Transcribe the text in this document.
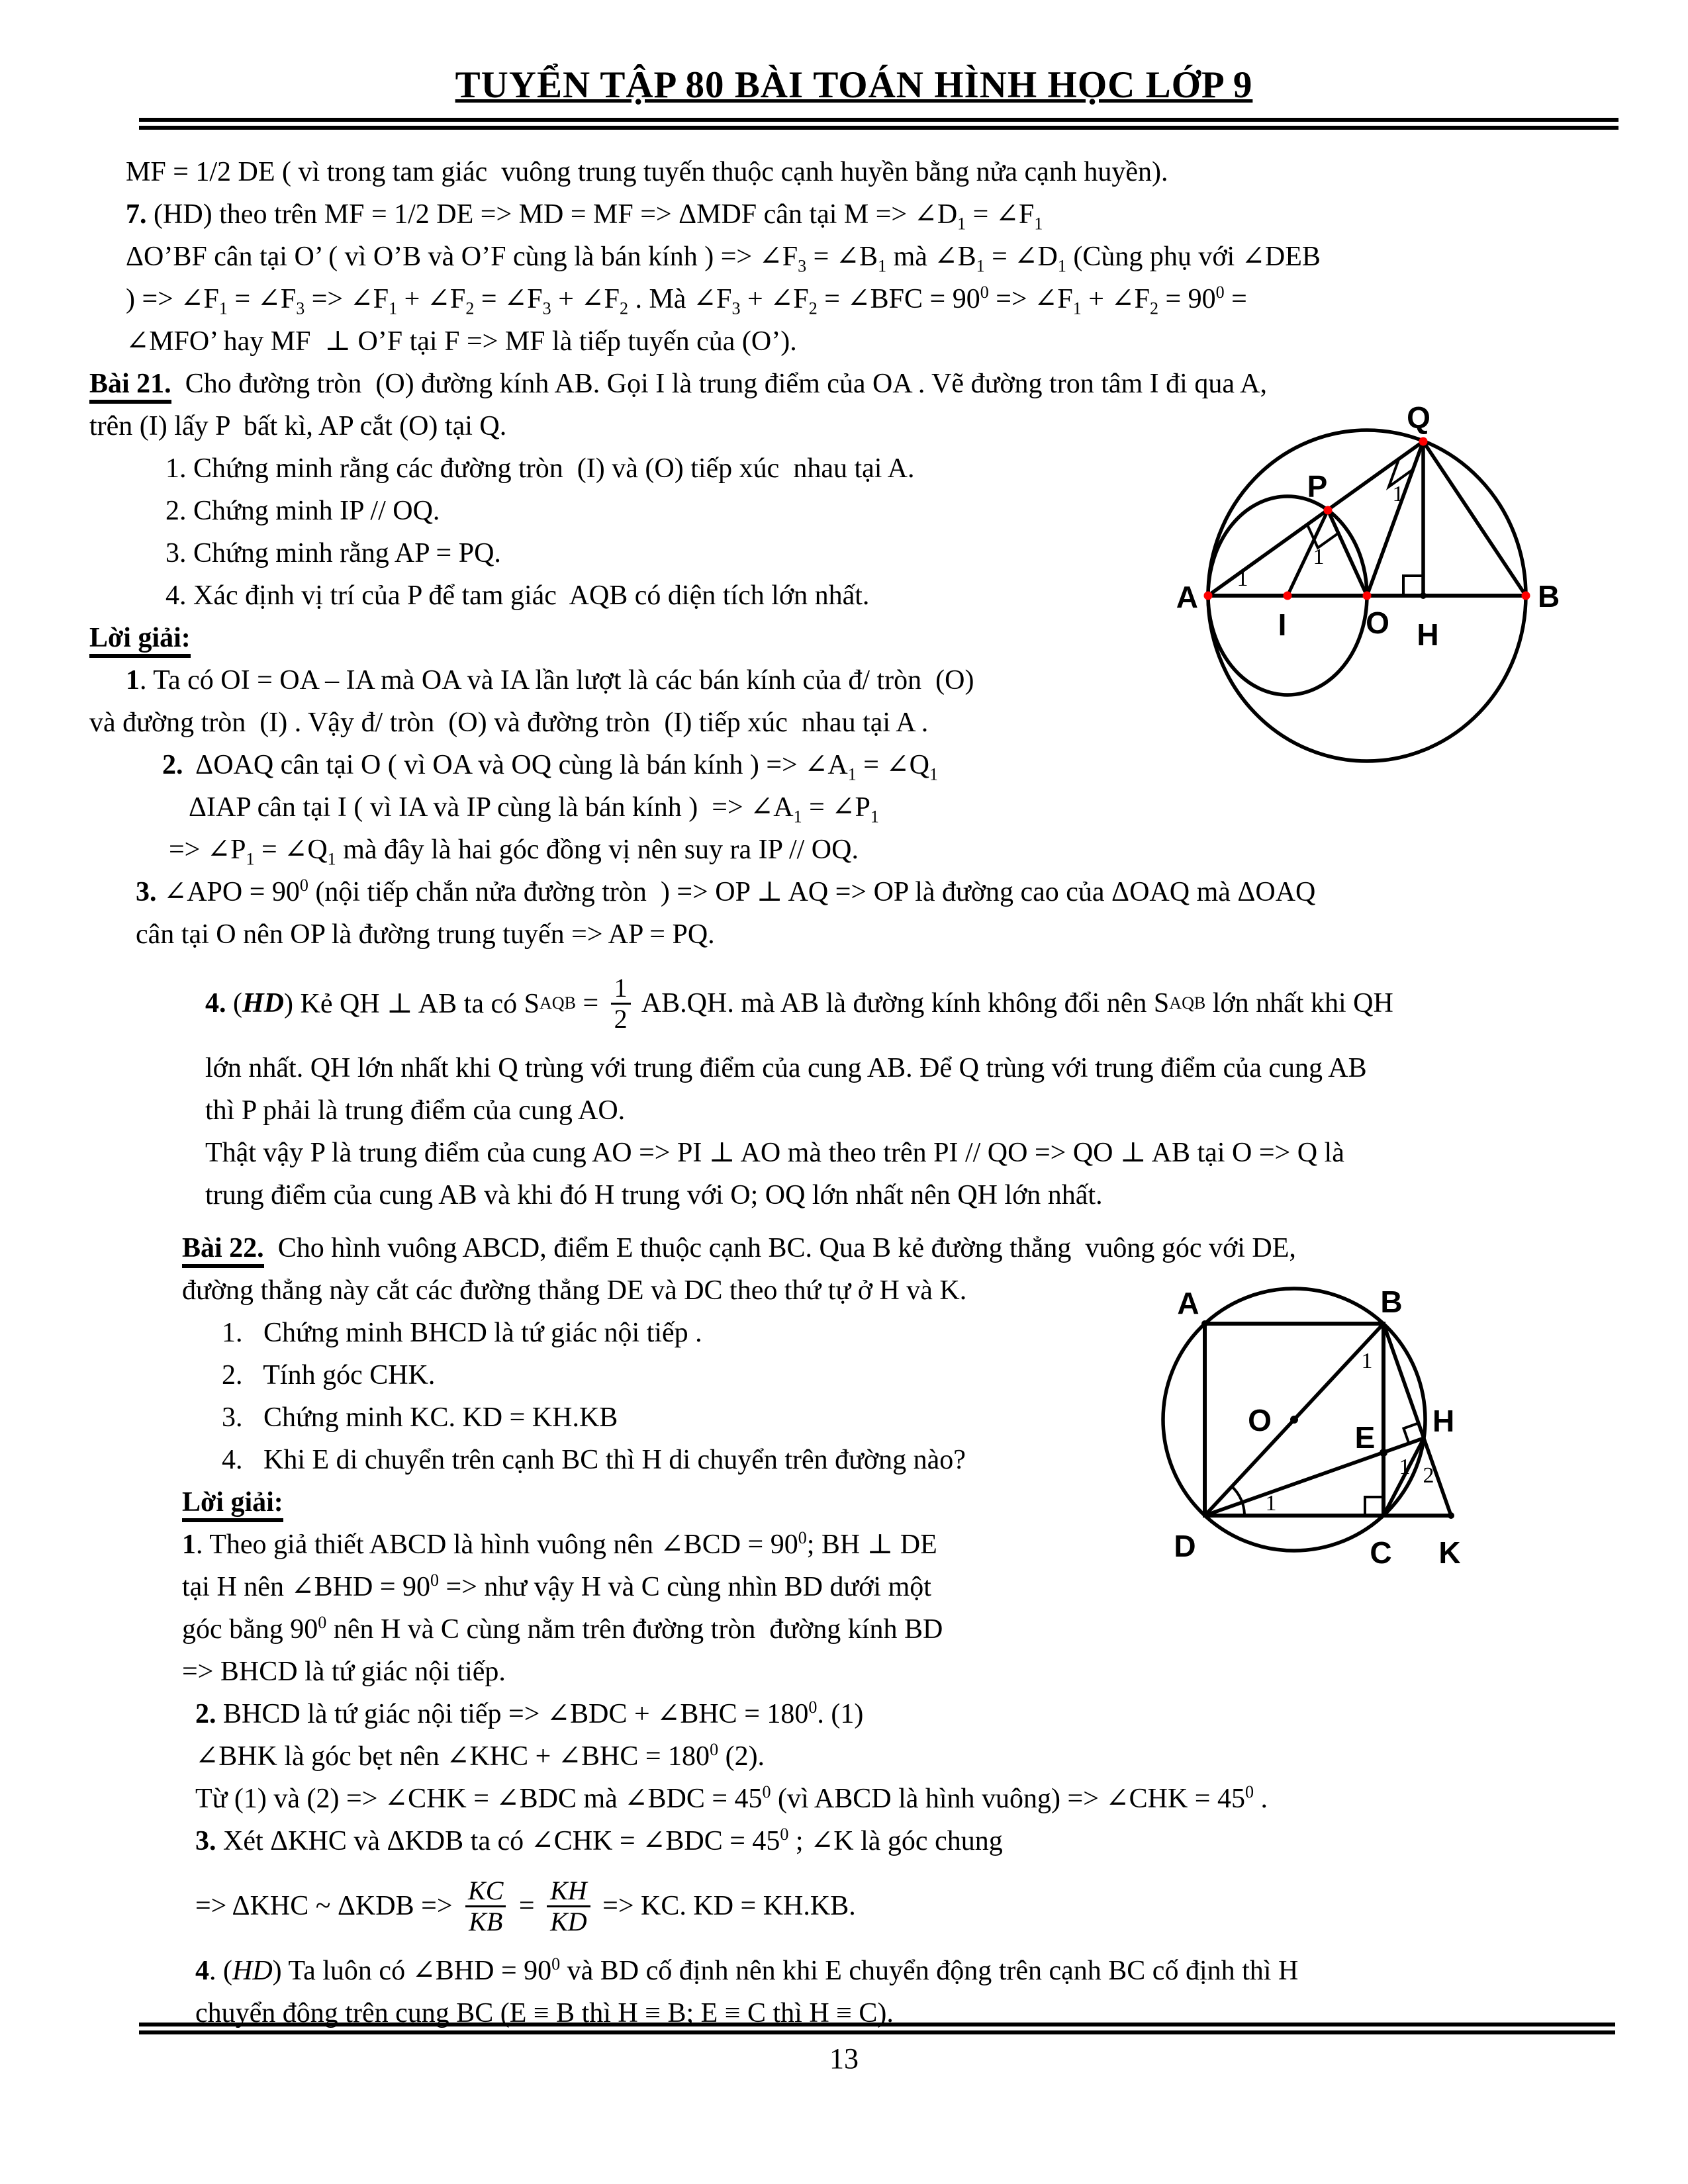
TUYỂN TẬP 80 BÀI TOÁN HÌNH HỌC LỚP 9

MF = 1/2 DE ( vì trong tam giác  vuông trung tuyến thuộc cạnh huyền bằng nửa cạnh huyền).

7. (HD) theo trên MF = 1/2 DE => MD = MF => ΔMDF cân tại $M => \angle D_1$ = $\angle F_1$

ΔO’BF cân tại O’ ( vì O’B và O’F cùng là bán kính ) => $\angle F_3$ = $\angle B_1$ mà $\angle B_1$ = $\angle D_1$ (Cùng phụ với ∠DEB

) => $\angle F_1$ = $\angle F_3$ => $\angle F_1$ + $\angle F_2$ = $\angle F_3$ + $\angle F_2$ . Mà $\angle F_3$ + $\angle F_2$ = ∠BFC = $90^0$ => $\angle F_1$ + $\angle F_2 = 90^0$ =

∠MFO’ hay MF  ⊥ O’F tại F => MF là tiếp tuyến của (O’).

Bài 21.  Cho đường tròn  (O) đường kính AB. Gọi I là trung điểm của OA . Vẽ đường tron tâm I đi qua A,

trên (I) lấy P  bất kì, AP cắt (O) tại Q.

1. Chứng minh rằng các đường tròn  (I) và (O) tiếp xúc  nhau tại A.

2. Chứng minh IP // OQ.

3. Chứng minh rằng AP = PQ.

4. Xác định vị trí của P để tam giác  AQB có diện tích lớn nhất.

Lời giải:

1. Ta có OI = OA – IA mà OA và IA lần lượt là các bán kính của đ/ tròn  (O)

và đường tròn  (I) . Vậy đ/ tròn  (O) và đường tròn  (I) tiếp xúc  nhau tại A .

2.  ΔOAQ cân tại O ( vì OA và OQ cùng là bán kính ) => $\angle A_1$ = $\angle Q_1$

ΔIAP cân tại I ( vì IA và IP cùng là bán kính )  => $\angle A_1$ = $\angle P_1$

=> $\angle P_1$ = $\angle Q_1$ mà đây là hai góc đồng vị nên suy ra IP // OQ.

3. ∠APO = $90^0$ (nội tiếp chắn nửa đường tròn  ) => OP ⊥ AQ => OP là đường cao của ΔOAQ mà ΔOAQ

cân tại O nên OP là đường trung tuyến => AP = PQ.

4. ( HD ) Kẻ QH ⊥ AB ta có S AQB = $\frac{1}{2} AB.QH$. mà AB là đường kính không đổi nên S AQB lớn nhất khi QH

lớn nhất. QH lớn nhất khi Q trùng với trung điểm của cung AB. Để Q trùng với trung điểm của cung AB

thì P phải là trung điểm của cung AO.

Thật vậy P là trung điểm của cung AO => PI ⊥ AO mà theo trên PI // QO => QO ⊥ AB tại O => Q là

trung điểm của cung AB và khi đó H trung với O; OQ lớn nhất nên QH lớn nhất.

Bài 22.  Cho hình vuông ABCD, điểm E thuộc cạnh BC. Qua B kẻ đường thẳng  vuông góc với DE,

đường thẳng này cắt các đường thẳng DE và DC theo thứ tự ở H và K.

1.   Chứng minh BHCD là tứ giác nội tiếp .

2.   Tính góc CHK.

3.   Chứng minh KC. KD = KH.KB

4.   Khi E di chuyển trên cạnh BC thì H di chuyển trên đường nào?

Lời giải:

1. Theo giả thiết ABCD là hình vuông nên ∠BCD = $90^0$; BH ⊥ DE

tại H nên ∠BHD = $90^0$ => như vậy H và C cùng nhìn BD dưới một

góc bằng $90^0$ nên H và C cùng nằm trên đường tròn  đường kính BD

=> BHCD là tứ giác nội tiếp.

2. BHCD là tứ giác nội tiếp => ∠BDC + ∠BHC = $180^0$. (1)

∠BHK là góc bẹt nên ∠KHC + ∠BHC = $180^0$ (2).

Từ (1) và (2) => ∠CHK = ∠BDC mà ∠BDC = $45^0$ (vì ABCD là hình vuông) => ∠CHK = $45^0$ .

3. Xét ΔKHC và ΔKDB ta có ∠CHK = ∠BDC = $45^0$ ; ∠K là góc chung

=> ΔKHC ~ $\Delta KDB => \frac{KC}{KB} = \frac{KH}{KD}$ => KC. KD = KH.KB.

4. (HD) Ta luôn có ∠BHD = $90^0$ và BD cố định nên khi E chuyển động trên cạnh BC cố định thì H

chuyển động trên cung BC (E ≡ B thì H ≡ B; E ≡ C thì H ≡ C).

A
I	O H
B
P
Q
1
1
1
A	B
O	E H
D	C K
1
1
1 2
13
